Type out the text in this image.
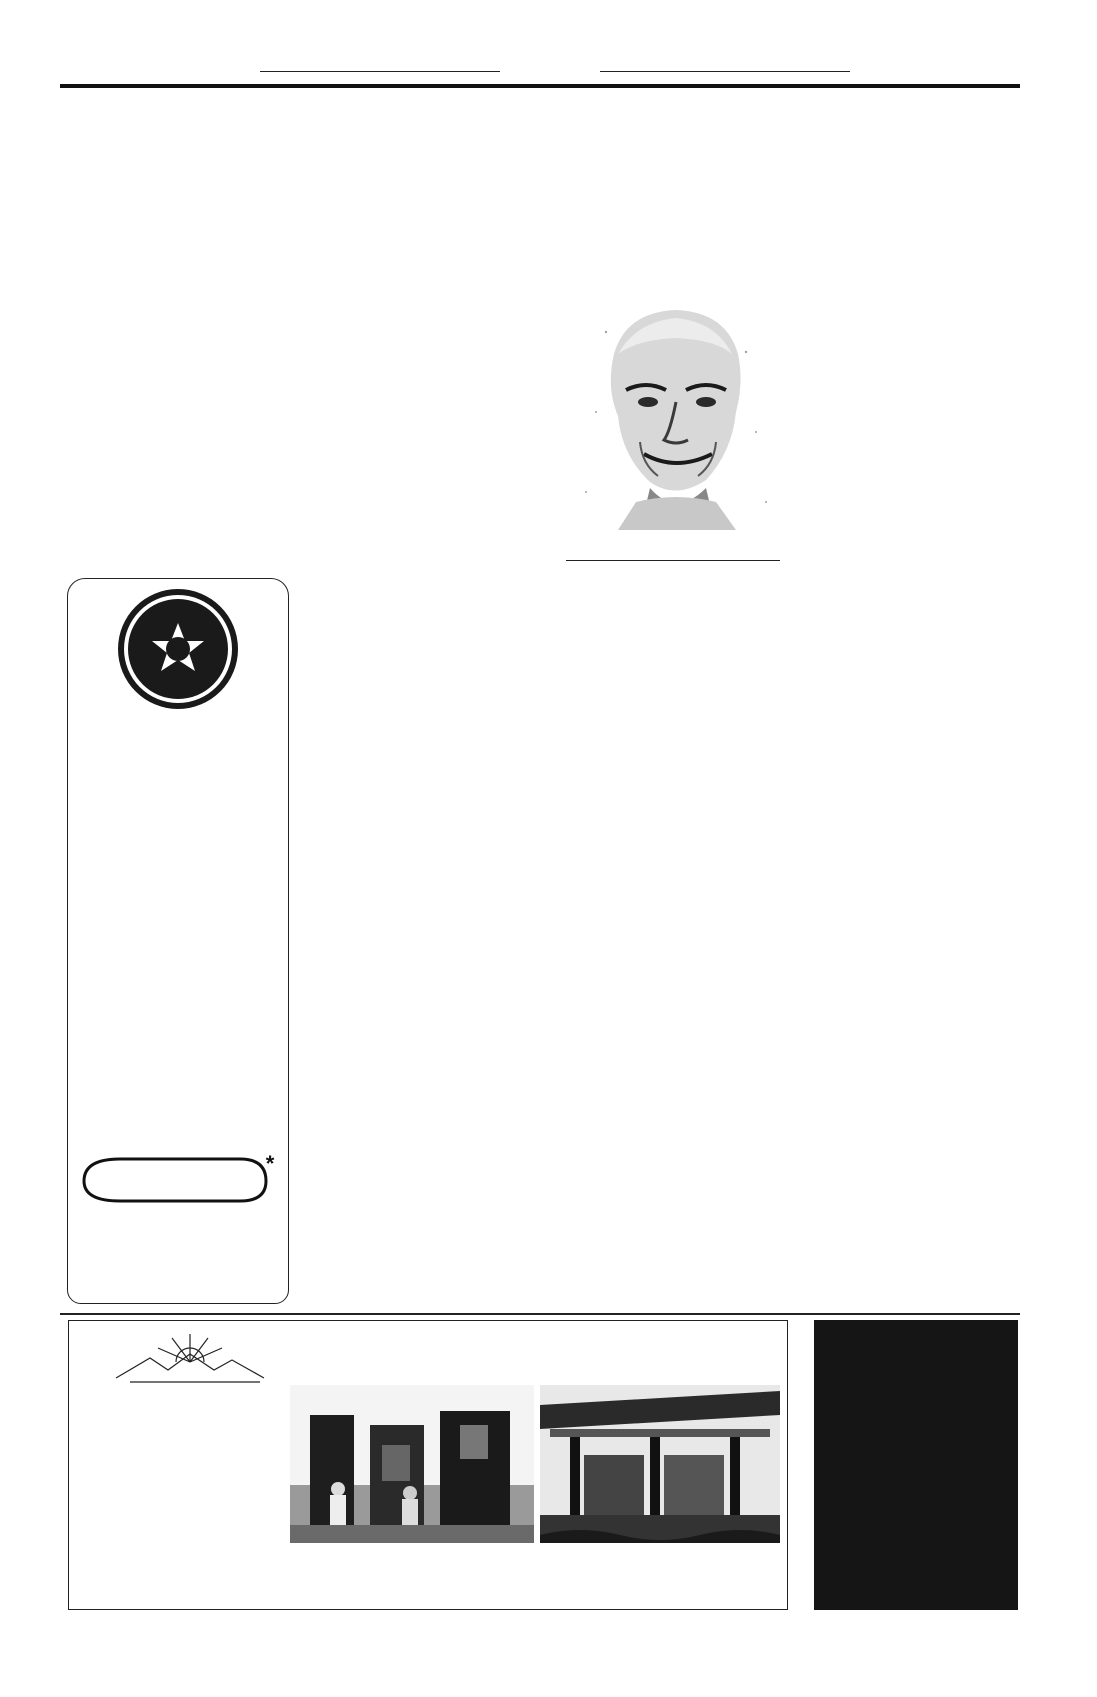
*
